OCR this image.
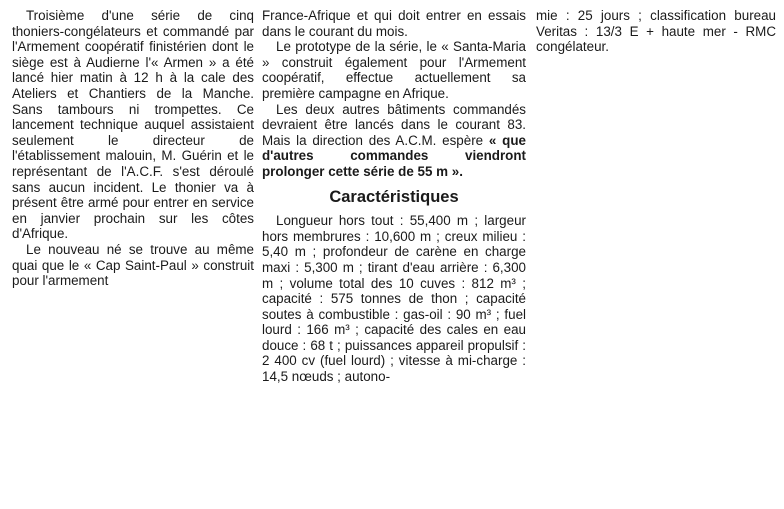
Troisième d'une série de cinq thoniers-congélateurs et commandé par l'Armement coopératif finistérien dont le siège est à Audierne l'« Armen » a été lancé hier matin à 12 h à la cale des Ateliers et Chantiers de la Manche. Sans tambours ni trompettes. Ce lancement technique auquel assistaient seulement le directeur de l'établissement malouin, M. Guérin et le représentant de l'A.C.F. s'est déroulé sans aucun incident. Le thonier va à présent être armé pour entrer en service en janvier prochain sur les côtes d'Afrique.

Le nouveau né se trouve au même quai que le « Cap Saint-Paul » construit pour l'armement

France-Afrique et qui doit entrer en essais dans le courant du mois.

Le prototype de la série, le « Santa-Maria » construit également pour l'Armement coopératif, effectue actuellement sa première campagne en Afrique.

Les deux autres bâtiments commandés devraient être lancés dans le courant 83. Mais la direction des A.C.M. espère « que d'autres commandes viendront prolonger cette série de 55 m ».

Caractéristiques

Longueur hors tout : 55,400 m ; largeur hors membrures : 10,600 m ; creux milieu : 5,40 m ; profondeur de carène en charge maxi : 5,300 m ; tirant d'eau arrière : 6,300 m ; volume total des 10 cuves : 812 m³ ; capacité : 575 tonnes de thon ; capacité soutes à combustible : gas-oil : 90 m³ ; fuel lourd : 166 m³ ; capacité des cales en eau douce : 68 t ; puissances appareil propulsif : 2 400 cv (fuel lourd) ; vitesse à mi-charge : 14,5 nœuds ; autono-

mie : 25 jours ; classification bureau Veritas : 13/3 E + haute mer - RMC congélateur.
